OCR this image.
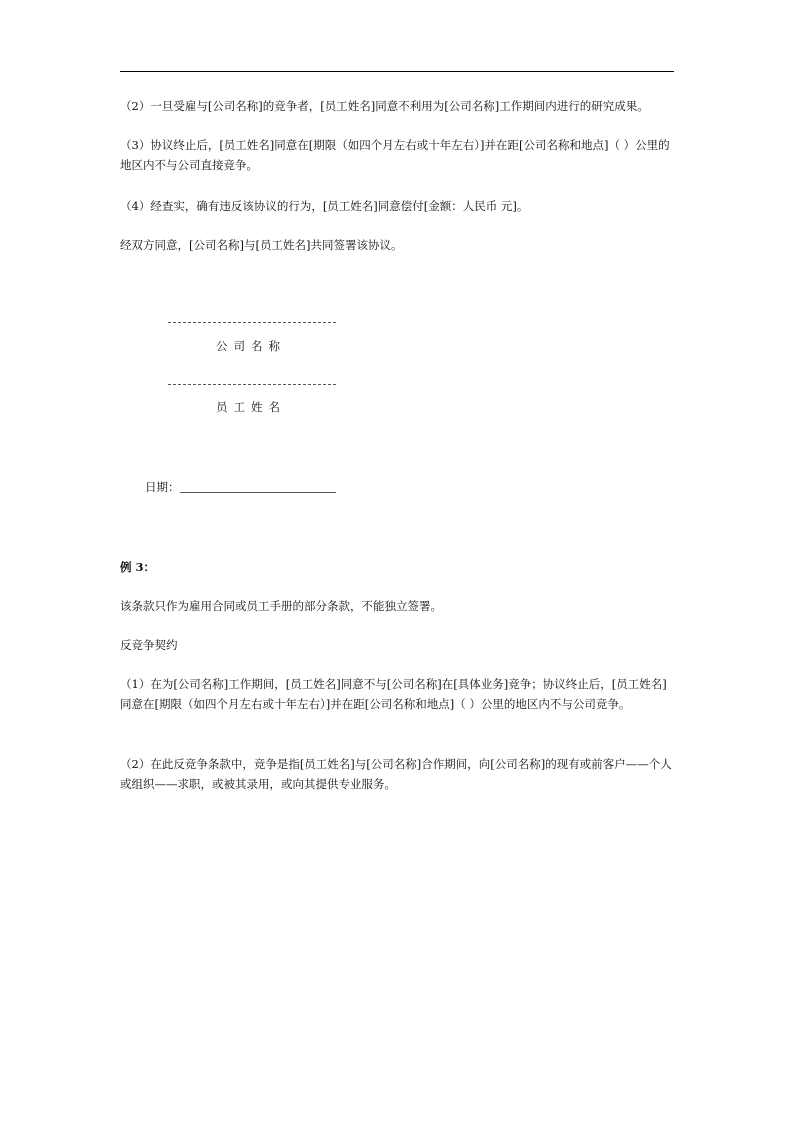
（2）一旦受雇与[公司名称]的竞争者，[员工姓名]同意不利用为[公司名称]工作期间内进行的研究成果。
（3）协议终止后，[员工姓名]同意在[期限（如四个月左右或十年左右）]并在距[公司名称和地点]（ ）公里的地区内不与公司直接竞争。
（4）经查实，确有违反该协议的行为，[员工姓名]同意偿付[金额：人民币 元]。
经双方同意，[公司名称]与[员工姓名]共同签署该协议。
公司名称
员工姓名
日期：
例 3：
该条款只作为雇用合同或员工手册的部分条款，不能独立签署。
反竞争契约
（1）在为[公司名称]工作期间，[员工姓名]同意不与[公司名称]在[具体业务]竞争；协议终止后，[员工姓名]同意在[期限（如四个月左右或十年左右）]并在距[公司名称和地点]（ ）公里的地区内不与公司竞争。
（2）在此反竞争条款中，竞争是指[员工姓名]与[公司名称]合作期间，向[公司名称]的现有或前客户——个人或组织——求职，或被其录用，或向其提供专业服务。
